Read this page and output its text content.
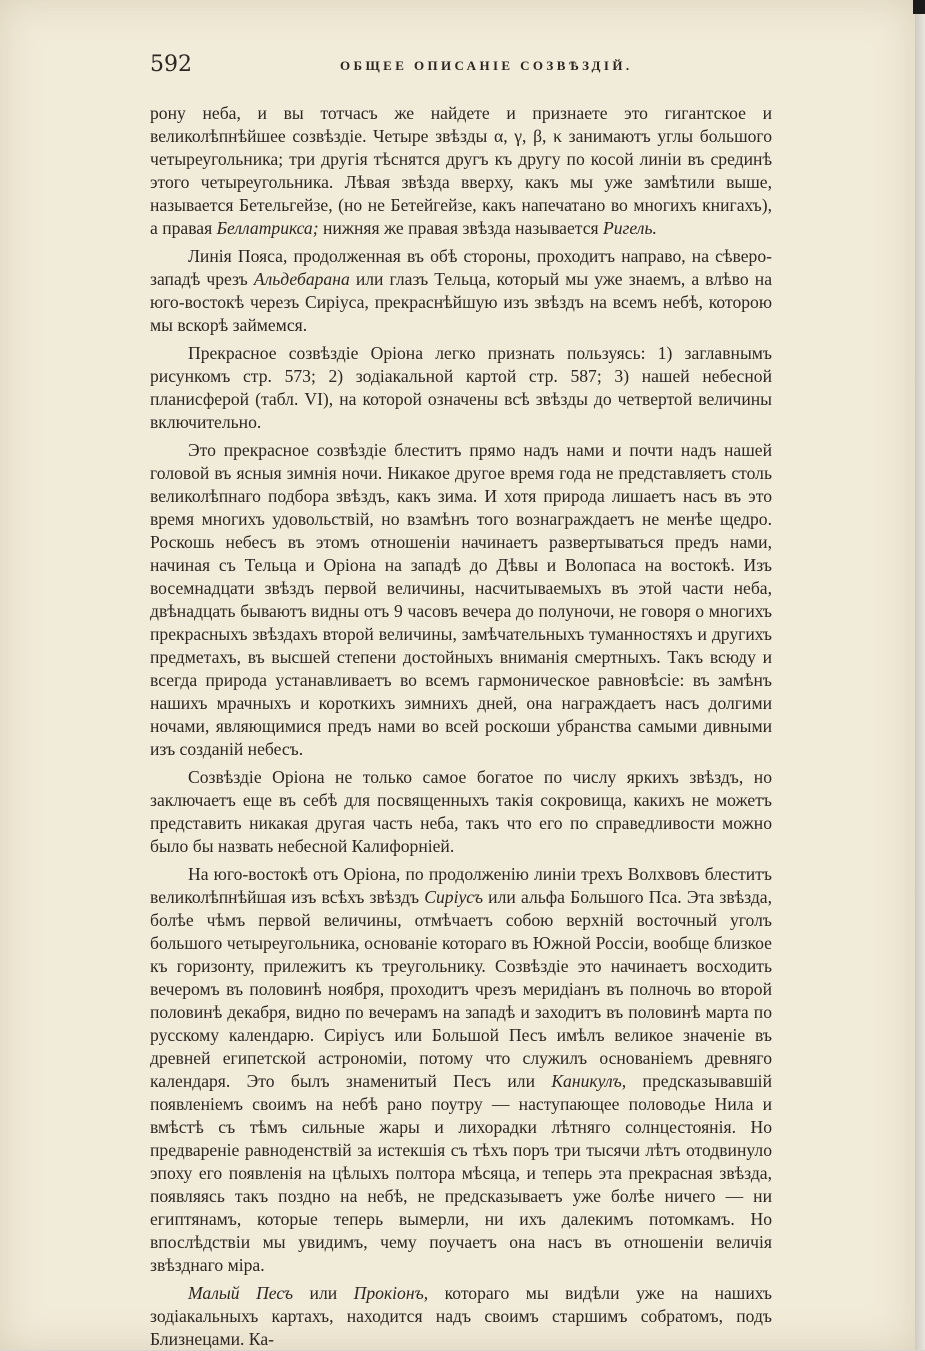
592	ОБЩЕЕ ОПИСАНІЕ СОЗВѢЗДІЙ.

рону неба, и вы тотчасъ же найдете и признаете это гигантское и великолѣпнѣйшее созвѣздіе. Четыре звѣзды α, γ, β, κ занимаютъ углы большого четыреугольника; три другія тѣснятся другъ къ другу по косой линіи въ срединѣ этого четыреугольника. Лѣвая звѣзда вверху, какъ мы уже замѣтили выше, называется Бетельгейзе, (но не Бетейгейзе, какъ напечатано во многихъ книгахъ), а правая Беллатрикса; нижняя же правая звѣзда называется Ригель.

Линія Пояса, продолженная въ обѣ стороны, проходитъ направо, на сѣверо-западѣ чрезъ Альдебарана или глазъ Тельца, который мы уже знаемъ, а влѣво на юго-востокѣ черезъ Сиріуса, прекраснѣйшую изъ звѣздъ на всемъ небѣ, которою мы вскорѣ займемся.

Прекрасное созвѣздіе Оріона легко признать пользуясь: 1) заглавнымъ рисункомъ стр. 573; 2) зодіакальной картой стр. 587; 3) нашей небесной планисферой (табл. VI), на которой означены всѣ звѣзды до четвертой величины включительно.

Это прекрасное созвѣздіе блеститъ прямо надъ нами и почти надъ нашей головой въ ясныя зимнія ночи. Никакое другое время года не представляетъ столь великолѣпнаго подбора звѣздъ, какъ зима. И хотя природа лишаетъ насъ въ это время многихъ удовольствій, но взамѣнъ того вознаграждаетъ не менѣе щедро. Роскошь небесъ въ этомъ отношеніи начинаетъ развертываться предъ нами, начиная съ Тельца и Оріона на западѣ до Дѣвы и Волопаса на востокѣ. Изъ восемнадцати звѣздъ первой величины, насчитываемыхъ въ этой части неба, двѣнадцать бываютъ видны отъ 9 часовъ вечера до полуночи, не говоря о многихъ прекрасныхъ звѣздахъ второй величины, замѣчательныхъ туманностяхъ и другихъ предметахъ, въ высшей степени достойныхъ вниманія смертныхъ. Такъ всюду и всегда природа устанавливаетъ во всемъ гармоническое равновѣсіе: въ замѣнъ нашихъ мрачныхъ и короткихъ зимнихъ дней, она награждаетъ насъ долгими ночами, являющимися предъ нами во всей роскоши убранства самыми дивными изъ созданій небесъ.

Созвѣздіе Оріона не только самое богатое по числу яркихъ звѣздъ, но заключаетъ еще въ себѣ для посвященныхъ такія сокровища, какихъ не можетъ представить никакая другая часть неба, такъ что его по справедливости можно было бы назвать небесной Калифорніей.

На юго-востокѣ отъ Оріона, по продолженію линіи трехъ Волхвовъ блеститъ великолѣпнѣйшая изъ всѣхъ звѣздъ Сиріусъ или альфа Большого Пса. Эта звѣзда, болѣе чѣмъ первой величины, отмѣчаетъ собою верхній восточный уголъ большого четыреугольника, основаніе котораго въ Южной Россіи, вообще близкое къ горизонту, прилежитъ къ треугольнику. Созвѣздіе это начинаетъ восходить вечеромъ въ половинѣ ноября, проходитъ чрезъ меридіанъ въ полночь во второй половинѣ декабря, видно по вечерамъ на западѣ и заходитъ въ половинѣ марта по русскому календарю. Сиріусъ или Большой Песъ имѣлъ великое значеніе въ древней египетской астрономіи, потому что служилъ основаніемъ древняго календаря. Это былъ знаменитый Песъ или Каникулъ, предсказывавшій появленіемъ своимъ на небѣ рано поутру — наступающее половодье Нила и вмѣстѣ съ тѣмъ сильные жары и лихорадки лѣтняго солнцестоянія. Но предвареніе равноденствій за истекшія съ тѣхъ поръ три тысячи лѣтъ отодвинуло эпоху его появленія на цѣлыхъ полтора мѣсяца, и теперь эта прекрасная звѣзда, появляясь такъ поздно на небѣ, не предсказываетъ уже болѣе ничего — ни египтянамъ, которые теперь вымерли, ни ихъ далекимъ потомкамъ. Но впослѣдствіи мы увидимъ, чему поучаетъ она насъ въ отношеніи величія звѣзднаго міра.

Малый Песъ или Прокіонъ, котораго мы видѣли уже на нашихъ зодіакальныхъ картахъ, находится надъ своимъ старшимъ собратомъ, подъ Близнецами. Ка-
